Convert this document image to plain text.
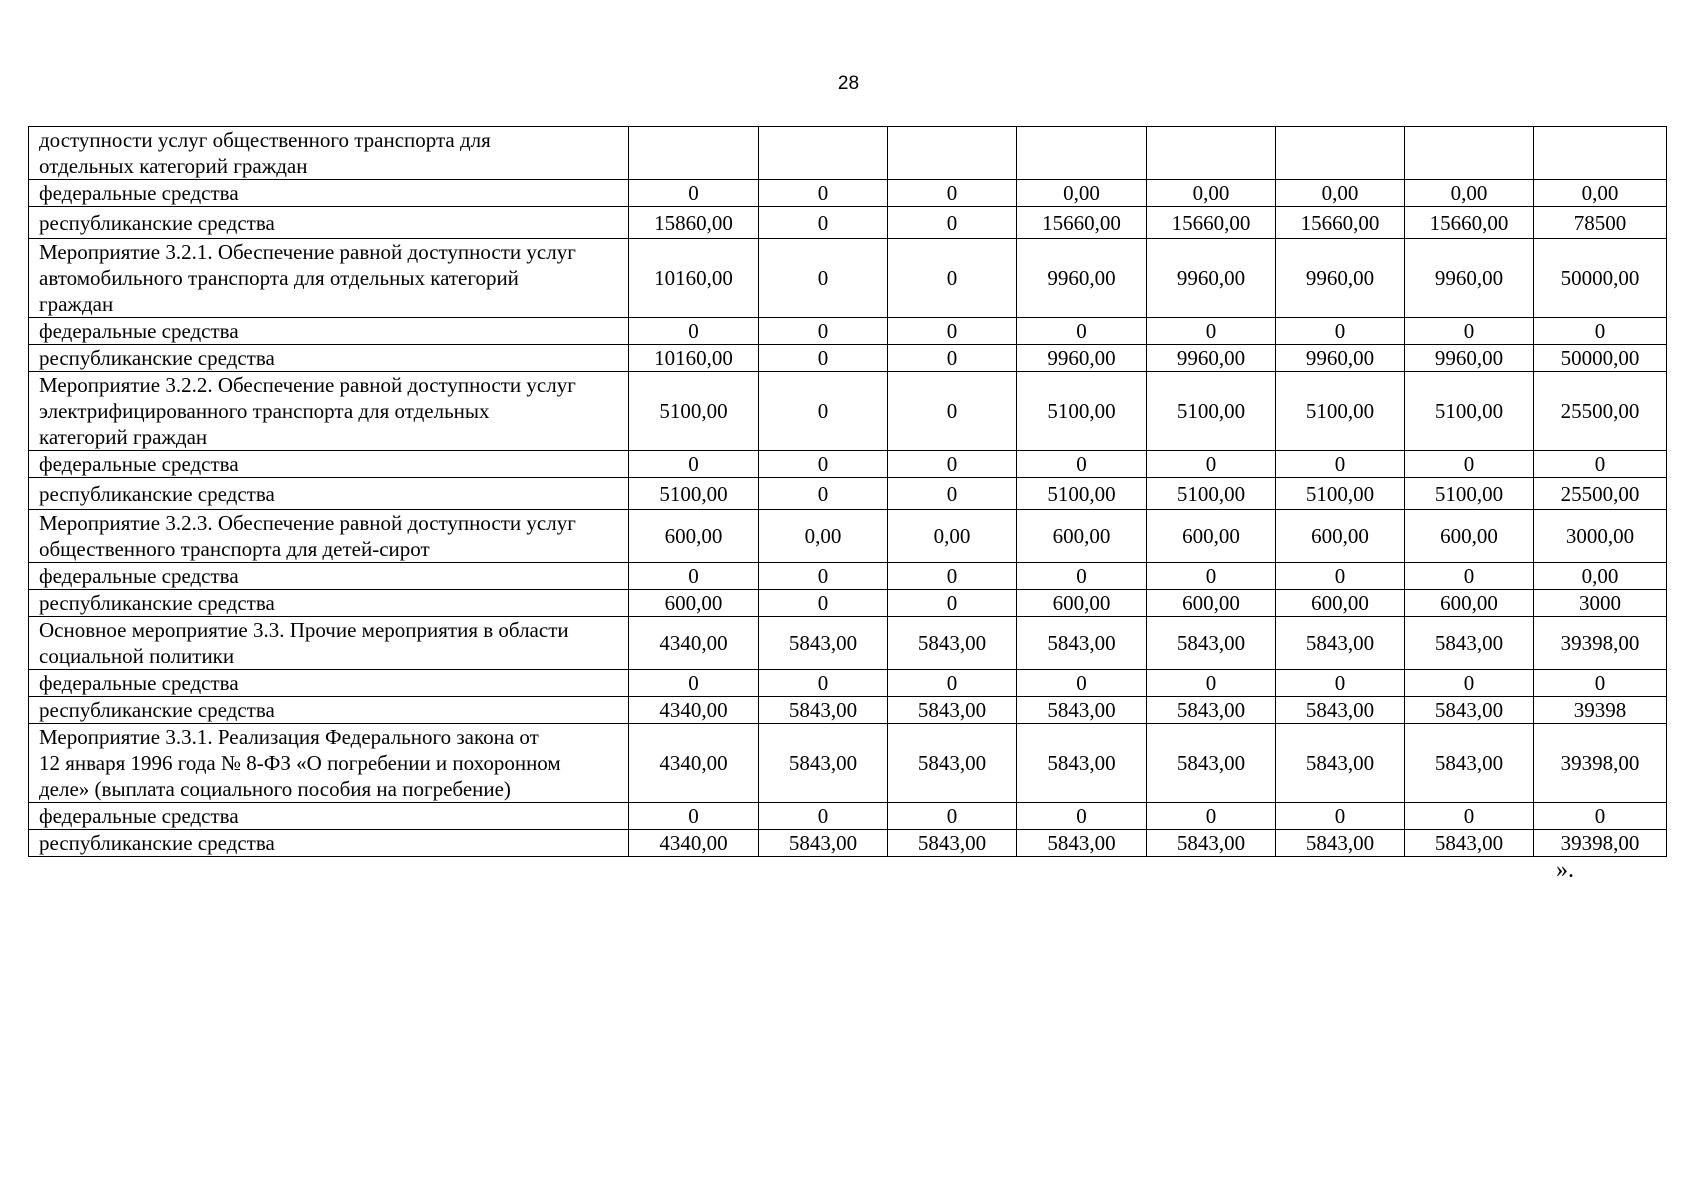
28
доступности услуг общественного транспорта для
отдельных категорий граждан								
федеральные средства	0	0	0	0,00	0,00	0,00	0,00	0,00
республиканские средства	15860,00	0	0	15660,00	15660,00	15660,00	15660,00	78500
Мероприятие 3.2.1. Обеспечение равной доступности услуг
автомобильного транспорта для отдельных категорий
граждан	10160,00	0	0	9960,00	9960,00	9960,00	9960,00	50000,00
федеральные средства	0	0	0	0	0	0	0	0
республиканские средства	10160,00	0	0	9960,00	9960,00	9960,00	9960,00	50000,00
Мероприятие 3.2.2. Обеспечение равной доступности услуг
электрифицированного транспорта для отдельных
категорий граждан	5100,00	0	0	5100,00	5100,00	5100,00	5100,00	25500,00
федеральные средства	0	0	0	0	0	0	0	0
республиканские средства	5100,00	0	0	5100,00	5100,00	5100,00	5100,00	25500,00
Мероприятие 3.2.3. Обеспечение равной доступности услуг
общественного транспорта для детей-сирот	600,00	0,00	0,00	600,00	600,00	600,00	600,00	3000,00
федеральные средства	0	0	0	0	0	0	0	0,00
республиканские средства	600,00	0	0	600,00	600,00	600,00	600,00	3000
Основное мероприятие 3.3. Прочие мероприятия в области
социальной политики	4340,00	5843,00	5843,00	5843,00	5843,00	5843,00	5843,00	39398,00
федеральные средства	0	0	0	0	0	0	0	0
республиканские средства	4340,00	5843,00	5843,00	5843,00	5843,00	5843,00	5843,00	39398
Мероприятие 3.3.1. Реализация Федерального закона от
12 января 1996 года № 8-ФЗ «О погребении и похоронном
деле» (выплата социального пособия на погребение)	4340,00	5843,00	5843,00	5843,00	5843,00	5843,00	5843,00	39398,00
федеральные средства	0	0	0	0	0	0	0	0
республиканские средства	4340,00	5843,00	5843,00	5843,00	5843,00	5843,00	5843,00	39398,00
».
